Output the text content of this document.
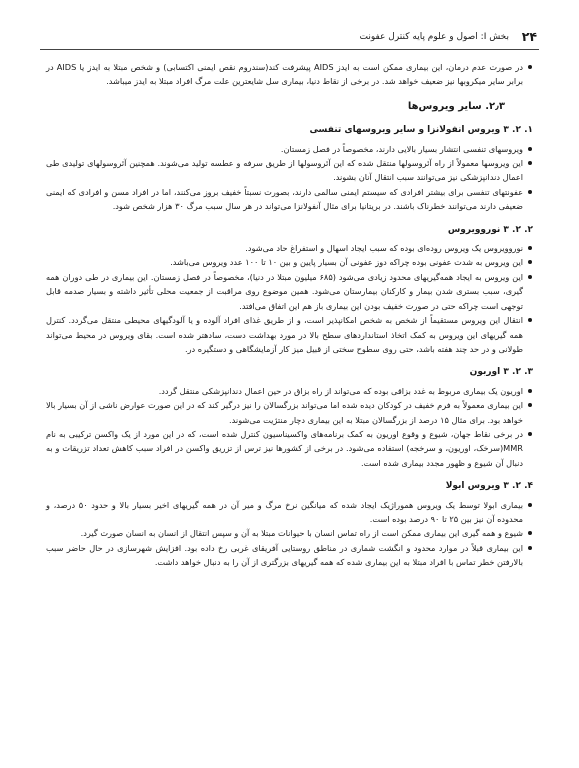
۲۴
بخش I: اصول و علوم پایه کنترل عفونت

در صورت عدم درمان، این بیماری ممکن است به ایدز AIDS پیشرفت کند(سندروم نقص ایمنی اکتسابی) و شخص مبتلا به ایدز یا AIDS در برابر سایر میکروبها نیز ضعیف خواهد شد. در برخی از نقاط دنیا، بیماری سل شایعترین علت مرگ افراد مبتلا به ایدز میباشد.

۲٫۳. سایر ویروس‌ها
۱. ۲. ۳ ویروس انفولانزا و سایر ویروسهای تنفسی

ویروسهای تنفسی انتشار بسیار بالایی دارند، مخصوصاً در فصل زمستان.

این ویروسها معمولاً از راه آئروسولها منتقل شده که این آئروسولها از طریق سرفه و عطسه تولید می‌شوند. همچنین آئروسولهای تولیدی طی اعمال دندانپزشکی نیز می‌توانند سبب انتقال آنان بشوند.

عفونتهای تنفسی برای بیشتر افرادی که سیستم ایمنی سالمی دارند، بصورت نسبتاً خفیف بروز می‌کنند، اما در افراد مسن و افرادی که ایمنی ضعیفی دارند می‌توانند خطرناک باشند. در بریتانیا برای مثال آنفولانزا می‌تواند در هر سال سبب مرگ ۳۰ هزار شخص شود.

۲. ۲. ۳ نوروویروس

نوروویروس یک ویروس روده‌ای بوده که سبب ایجاد اسهال و استفراغ حاد می‌شود.

این ویروس به شدت عفونی بوده چراکه دوز عفونی آن بسیار پایین و بین ۱۰ تا ۱۰۰ عدد ویروس می‌باشد.

این ویروس به ایجاد همه‌گیریهای محدود زیادی می‌شود (۶۸۵ میلیون مبتلا در دنیا)، مخصوصاً در فصل زمستان. این بیماری در طی دوران همه گیری، سبب بستری شدن بیمار و کارکنان بیمارستان می‌شود. همین موضوع روی مراقبت از جمعیت محلی تأثیر داشته و بسیار صدمه قابل توجهی است چراکه حتی در صورت خفیف بودن این بیماری باز هم این اتفاق می‌افتد.

انتقال این ویروس مستقیماً از شخص به شخص امکانپذیر است، و از طریق غذای افراد آلوده و یا آلودگیهای محیطی منتقل می‌گردد. کنترل همه گیریهای این ویروس به کمک اتخاذ استانداردهای سطح بالا در مورد بهداشت دست، سادهتر شده است. بقای ویروس در محیط می‌تواند طولانی و در حد چند هفته باشد، حتی روی سطوح سختی از قبیل میز کار آزمایشگاهی و دستگیره در.

۳. ۲. ۳ اوربون

اوریون یک بیماری مربوط به غدد بزاقی بوده که می‌تواند از راه بزاق در حین اعمال دندانپزشکی منتقل گردد.

این بیماری معمولاً به فرم خفیف در کودکان دیده شده اما می‌تواند بزرگسالان را نیز درگیر کند که در این صورت عوارض ناشی از آن بسیار بالا خواهد بود. برای مثال ۱۵ درصد از بزرگسالان مبتلا به این بیماری دچار منتژیت می‌شوند.

در برخی نقاط جهان، شیوع و وقوع اوریون به کمک برنامه‌های واکسیناسیون کنترل شده است، که در این مورد از یک واکسن ترکیبی به نام MMR(سرخک، اوریون، و سرخجه) استفاده می‌شود. در برخی از کشورها نیز ترس از تزریق واکسن در افراد سبب کاهش تعداد تزریقات و به دنبال آن شیوع و ظهور مجدد بیماری شده است.

۴. ۲. ۳ ویروس ابولا

بیماری ابولا توسط یک ویروس هموراژیک ایجاد شده که میانگین نرخ مرگ و میر آن در همه گیریهای اخیر بسیار بالا و حدود ۵۰ درصد، و محدوده آن نیز بین ۲۵ تا ۹۰ درصد بوده است.

شیوع و همه گیری این بیماری ممکن است از راه تماس انسان با حیوانات مبتلا به آن و سپس انتقال از انسان به انسان صورت گیرد.

این بیماری قبلاً در موارد محدود و انگشت شماری در مناطق روستایی آفریقای غربی رخ داده بود. افزایش شهرسازی در حال حاضر سبب بالارفتن خطر تماس با افراد مبتلا به این بیماری شده که همه گیریهای بزرگتری از آن را به دنبال خواهد داشت.
